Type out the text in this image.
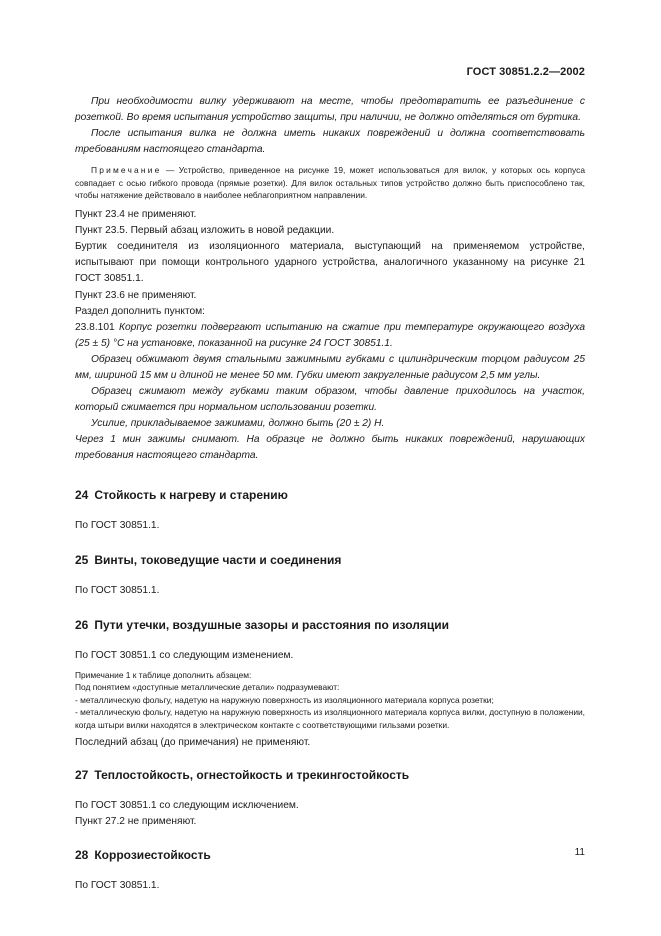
ГОСТ 30851.2.2—2002

При необходимости вилку удерживают на месте, чтобы предотвратить ее разъединение с розеткой. Во время испытания устройство защиты, при наличии, не должно отделяться от буртика.

После испытания вилка не должна иметь никаких повреждений и должна соответствовать требованиям настоящего стандарта.

Примечание — Устройство, приведенное на рисунке 19, может использоваться для вилок, у которых ось корпуса совпадает с осью гибкого провода (прямые розетки). Для вилок остальных типов устройство должно быть приспособлено так, чтобы натяжение действовало в наиболее неблагоприятном направлении.

Пункт 23.4 не применяют.

Пункт 23.5. Первый абзац изложить в новой редакции.

Буртик соединителя из изоляционного материала, выступающий на применяемом устройстве, испытывают при помощи контрольного ударного устройства, аналогичного указанному на рисунке 21 ГОСТ 30851.1.

Пункт 23.6 не применяют.

Раздел дополнить пунктом:

23.8.101 Корпус розетки подвергают испытанию на сжатие при температуре окружающего воздуха (25 ± 5) °С на установке, показанной на рисунке 24 ГОСТ 30851.1.

Образец обжимают двумя стальными зажимными губками с цилиндрическим торцом радиусом 25 мм, шириной 15 мм и длиной не менее 50 мм. Губки имеют закругленные радиусом 2,5 мм углы.

Образец сжимают между губками таким образом, чтобы давление приходилось на участок, который сжимается при нормальном использовании розетки.

Усилие, прикладываемое зажимами, должно быть (20 ± 2) Н.

Через 1 мин зажимы снимают. На образце не должно быть никаких повреждений, нарушающих требования настоящего стандарта.

24 Стойкость к нагреву и старению

По ГОСТ 30851.1.

25 Винты, токоведущие части и соединения

По ГОСТ 30851.1.

26 Пути утечки, воздушные зазоры и расстояния по изоляции

По ГОСТ 30851.1 со следующим изменением.

Примечание 1 к таблице дополнить абзацем:

Под понятием «доступные металлические детали» подразумевают:

- металлическую фольгу, надетую на наружную поверхность из изоляционного материала корпуса розетки;

- металлическую фольгу, надетую на наружную поверхность из изоляционного материала корпуса вилки, доступную в положении, когда штыри вилки находятся в электрическом контакте с соответствующими гильзами розетки.

Последний абзац (до примечания) не применяют.

27 Теплостойкость, огнестойкость и трекингостойкость

По ГОСТ 30851.1 со следующим исключением.

Пункт 27.2 не применяют.

28 Коррозиестойкость

По ГОСТ 30851.1.

11
